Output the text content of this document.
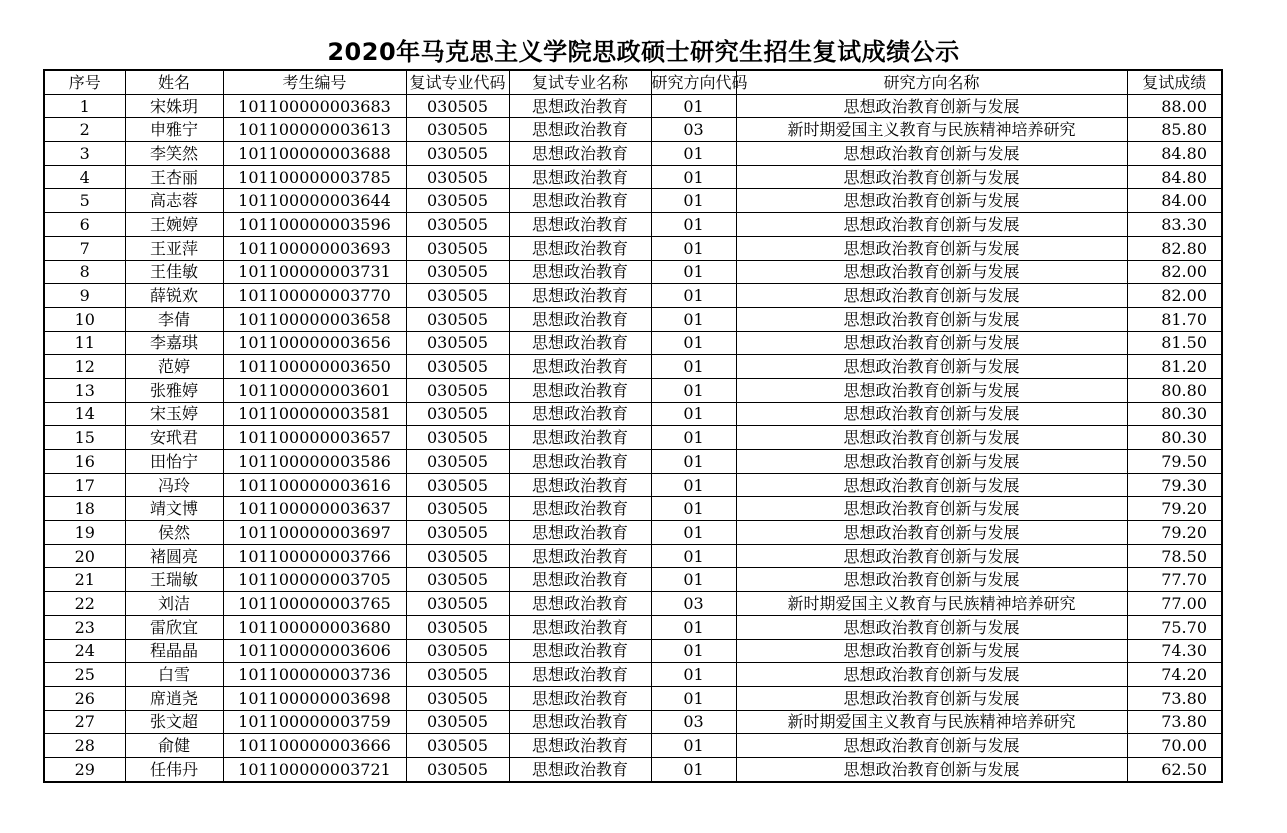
2020年马克思主义学院思政硕士研究生招生复试成绩公示
序号	姓名	考生编号	复试专业代码	复试专业名称	研究方向代码	研究方向名称	复试成绩
1	宋姝玥	101100000003683	030505	思想政治教育	01	思想政治教育创新与发展	88.00
2	申雅宁	101100000003613	030505	思想政治教育	03	新时期爱国主义教育与民族精神培养研究	85.80
3	李笑然	101100000003688	030505	思想政治教育	01	思想政治教育创新与发展	84.80
4	王杏丽	101100000003785	030505	思想政治教育	01	思想政治教育创新与发展	84.80
5	高志蓉	101100000003644	030505	思想政治教育	01	思想政治教育创新与发展	84.00
6	王婉婷	101100000003596	030505	思想政治教育	01	思想政治教育创新与发展	83.30
7	王亚萍	101100000003693	030505	思想政治教育	01	思想政治教育创新与发展	82.80
8	王佳敏	101100000003731	030505	思想政治教育	01	思想政治教育创新与发展	82.00
9	薛锐欢	101100000003770	030505	思想政治教育	01	思想政治教育创新与发展	82.00
10	李倩	101100000003658	030505	思想政治教育	01	思想政治教育创新与发展	81.70
11	李嘉琪	101100000003656	030505	思想政治教育	01	思想政治教育创新与发展	81.50
12	范婷	101100000003650	030505	思想政治教育	01	思想政治教育创新与发展	81.20
13	张雅婷	101100000003601	030505	思想政治教育	01	思想政治教育创新与发展	80.80
14	宋玉婷	101100000003581	030505	思想政治教育	01	思想政治教育创新与发展	80.30
15	安玳君	101100000003657	030505	思想政治教育	01	思想政治教育创新与发展	80.30
16	田怡宁	101100000003586	030505	思想政治教育	01	思想政治教育创新与发展	79.50
17	冯玲	101100000003616	030505	思想政治教育	01	思想政治教育创新与发展	79.30
18	靖文博	101100000003637	030505	思想政治教育	01	思想政治教育创新与发展	79.20
19	侯然	101100000003697	030505	思想政治教育	01	思想政治教育创新与发展	79.20
20	褚圆亮	101100000003766	030505	思想政治教育	01	思想政治教育创新与发展	78.50
21	王瑞敏	101100000003705	030505	思想政治教育	01	思想政治教育创新与发展	77.70
22	刘洁	101100000003765	030505	思想政治教育	03	新时期爱国主义教育与民族精神培养研究	77.00
23	雷欣宜	101100000003680	030505	思想政治教育	01	思想政治教育创新与发展	75.70
24	程晶晶	101100000003606	030505	思想政治教育	01	思想政治教育创新与发展	74.30
25	白雪	101100000003736	030505	思想政治教育	01	思想政治教育创新与发展	74.20
26	席逍尧	101100000003698	030505	思想政治教育	01	思想政治教育创新与发展	73.80
27	张文超	101100000003759	030505	思想政治教育	03	新时期爱国主义教育与民族精神培养研究	73.80
28	俞健	101100000003666	030505	思想政治教育	01	思想政治教育创新与发展	70.00
29	任伟丹	101100000003721	030505	思想政治教育	01	思想政治教育创新与发展	62.50
